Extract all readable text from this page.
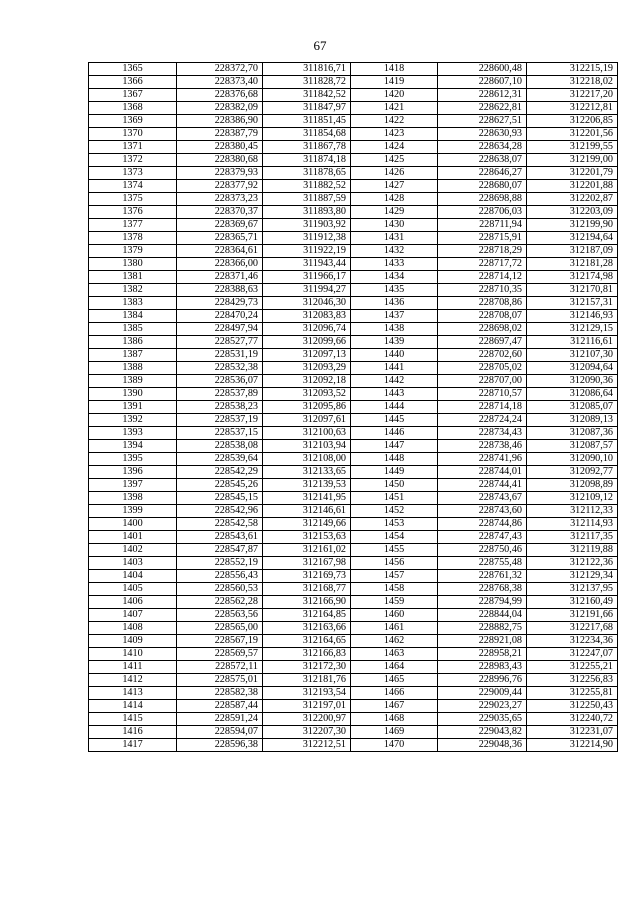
67
1365	228372,70	311816,71	1418	228600,48	312215,19
1366	228373,40	311828,72	1419	228607,10	312218,02
1367	228376,68	311842,52	1420	228612,31	312217,20
1368	228382,09	311847,97	1421	228622,81	312212,81
1369	228386,90	311851,45	1422	228627,51	312206,85
1370	228387,79	311854,68	1423	228630,93	312201,56
1371	228380,45	311867,78	1424	228634,28	312199,55
1372	228380,68	311874,18	1425	228638,07	312199,00
1373	228379,93	311878,65	1426	228646,27	312201,79
1374	228377,92	311882,52	1427	228680,07	312201,88
1375	228373,23	311887,59	1428	228698,88	312202,87
1376	228370,37	311893,80	1429	228706,03	312203,09
1377	228369,67	311903,92	1430	228711,94	312199,90
1378	228365,71	311912,38	1431	228715,91	312194,64
1379	228364,61	311922,19	1432	228718,29	312187,09
1380	228366,00	311943,44	1433	228717,72	312181,28
1381	228371,46	311966,17	1434	228714,12	312174,98
1382	228388,63	311994,27	1435	228710,35	312170,81
1383	228429,73	312046,30	1436	228708,86	312157,31
1384	228470,24	312083,83	1437	228708,07	312146,93
1385	228497,94	312096,74	1438	228698,02	312129,15
1386	228527,77	312099,66	1439	228697,47	312116,61
1387	228531,19	312097,13	1440	228702,60	312107,30
1388	228532,38	312093,29	1441	228705,02	312094,64
1389	228536,07	312092,18	1442	228707,00	312090,36
1390	228537,89	312093,52	1443	228710,57	312086,64
1391	228538,23	312095,86	1444	228714,18	312085,07
1392	228537,19	312097,61	1445	228724,24	312089,13
1393	228537,15	312100,63	1446	228734,43	312087,36
1394	228538,08	312103,94	1447	228738,46	312087,57
1395	228539,64	312108,00	1448	228741,96	312090,10
1396	228542,29	312133,65	1449	228744,01	312092,77
1397	228545,26	312139,53	1450	228744,41	312098,89
1398	228545,15	312141,95	1451	228743,67	312109,12
1399	228542,96	312146,61	1452	228743,60	312112,33
1400	228542,58	312149,66	1453	228744,86	312114,93
1401	228543,61	312153,63	1454	228747,43	312117,35
1402	228547,87	312161,02	1455	228750,46	312119,88
1403	228552,19	312167,98	1456	228755,48	312122,36
1404	228556,43	312169,73	1457	228761,32	312129,34
1405	228560,53	312168,77	1458	228768,38	312137,95
1406	228562,28	312166,90	1459	228794,99	312160,49
1407	228563,56	312164,85	1460	228844,04	312191,66
1408	228565,00	312163,66	1461	228882,75	312217,68
1409	228567,19	312164,65	1462	228921,08	312234,36
1410	228569,57	312166,83	1463	228958,21	312247,07
1411	228572,11	312172,30	1464	228983,43	312255,21
1412	228575,01	312181,76	1465	228996,76	312256,83
1413	228582,38	312193,54	1466	229009,44	312255,81
1414	228587,44	312197,01	1467	229023,27	312250,43
1415	228591,24	312200,97	1468	229035,65	312240,72
1416	228594,07	312207,30	1469	229043,82	312231,07
1417	228596,38	312212,51	1470	229048,36	312214,90
